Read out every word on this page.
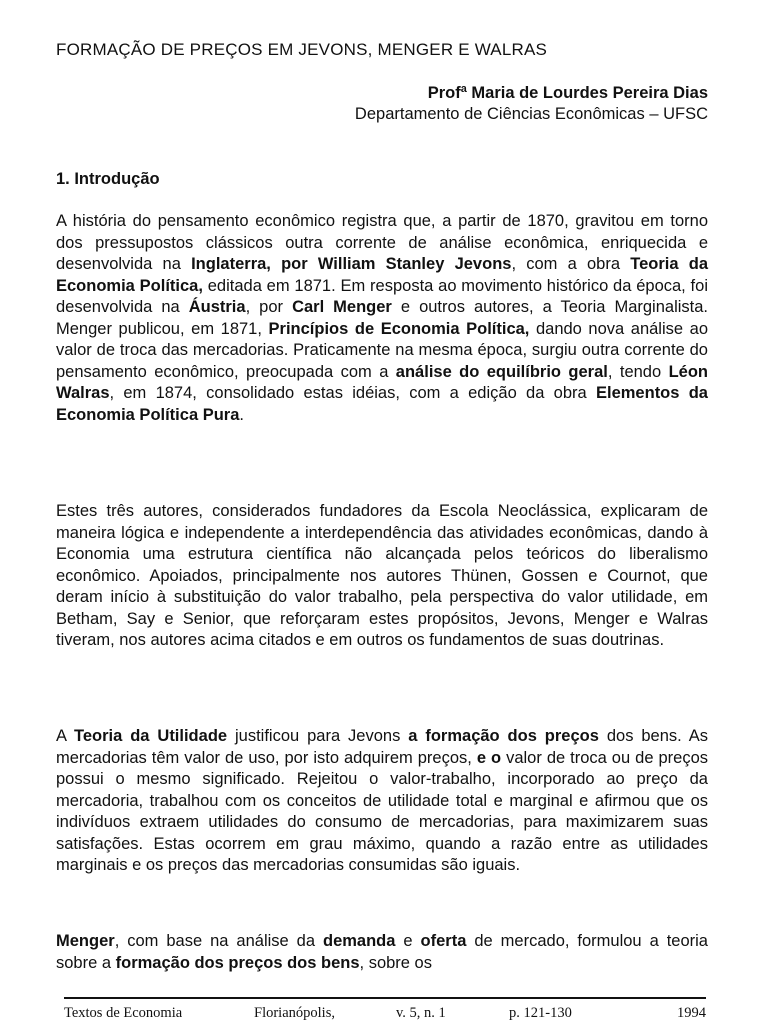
FORMAÇÃO DE PREÇOS EM JEVONS, MENGER E WALRAS
Profª Maria de Lourdes Pereira Dias
Departamento de Ciências Econômicas – UFSC
1. Introdução

A história do pensamento econômico registra que, a partir de 1870, gravitou em torno dos pressupostos clássicos outra corrente de análise econômica, enriquecida e desenvolvida na Inglaterra, por William Stanley Jevons, com a obra Teoria da Economia Política, editada em 1871. Em resposta ao movimento histórico da época, foi desenvolvida na Áustria, por Carl Menger e outros autores, a Teoria Marginalista. Menger publicou, em 1871, Princípios de Economia Política, dando nova análise ao valor de troca das mercadorias. Praticamente na mesma época, surgiu outra corrente do pensamento econômico, preocupada com a análise do equilíbrio geral, tendo Léon Walras, em 1874, consolidado estas idéias, com a edição da obra Elementos da Economia Política Pura.

Estes três autores, considerados fundadores da Escola Neoclássica, explicaram de maneira lógica e independente a interdependência das atividades econômicas, dando à Economia uma estrutura científica não alcançada pelos teóricos do liberalismo econômico. Apoiados, principalmente nos autores Thünen, Gossen e Cournot, que deram início à substituição do valor trabalho, pela perspectiva do valor utilidade, em Betham, Say e Senior, que reforçaram estes propósitos, Jevons, Menger e Walras tiveram, nos autores acima citados e em outros os fundamentos de suas doutrinas.

A Teoria da Utilidade justificou para Jevons a formação dos preços dos bens. As mercadorias têm valor de uso, por isto adquirem preços, e o valor de troca ou de preços possui o mesmo significado. Rejeitou o valor-trabalho, incorporado ao preço da mercadoria, trabalhou com os conceitos de utilidade total e marginal e afirmou que os indivíduos extraem utilidades do consumo de mercadorias, para maximizarem suas satisfações. Estas ocorrem em grau máximo, quando a razão entre as utilidades marginais e os preços das mercadorias consumidas são iguais.

Menger, com base na análise da demanda e oferta de mercado, formulou a teoria sobre a formação dos preços dos bens, sobre os

Textos de Economia	Florianópolis,	v. 5, n. 1	p. 121-130	1994
